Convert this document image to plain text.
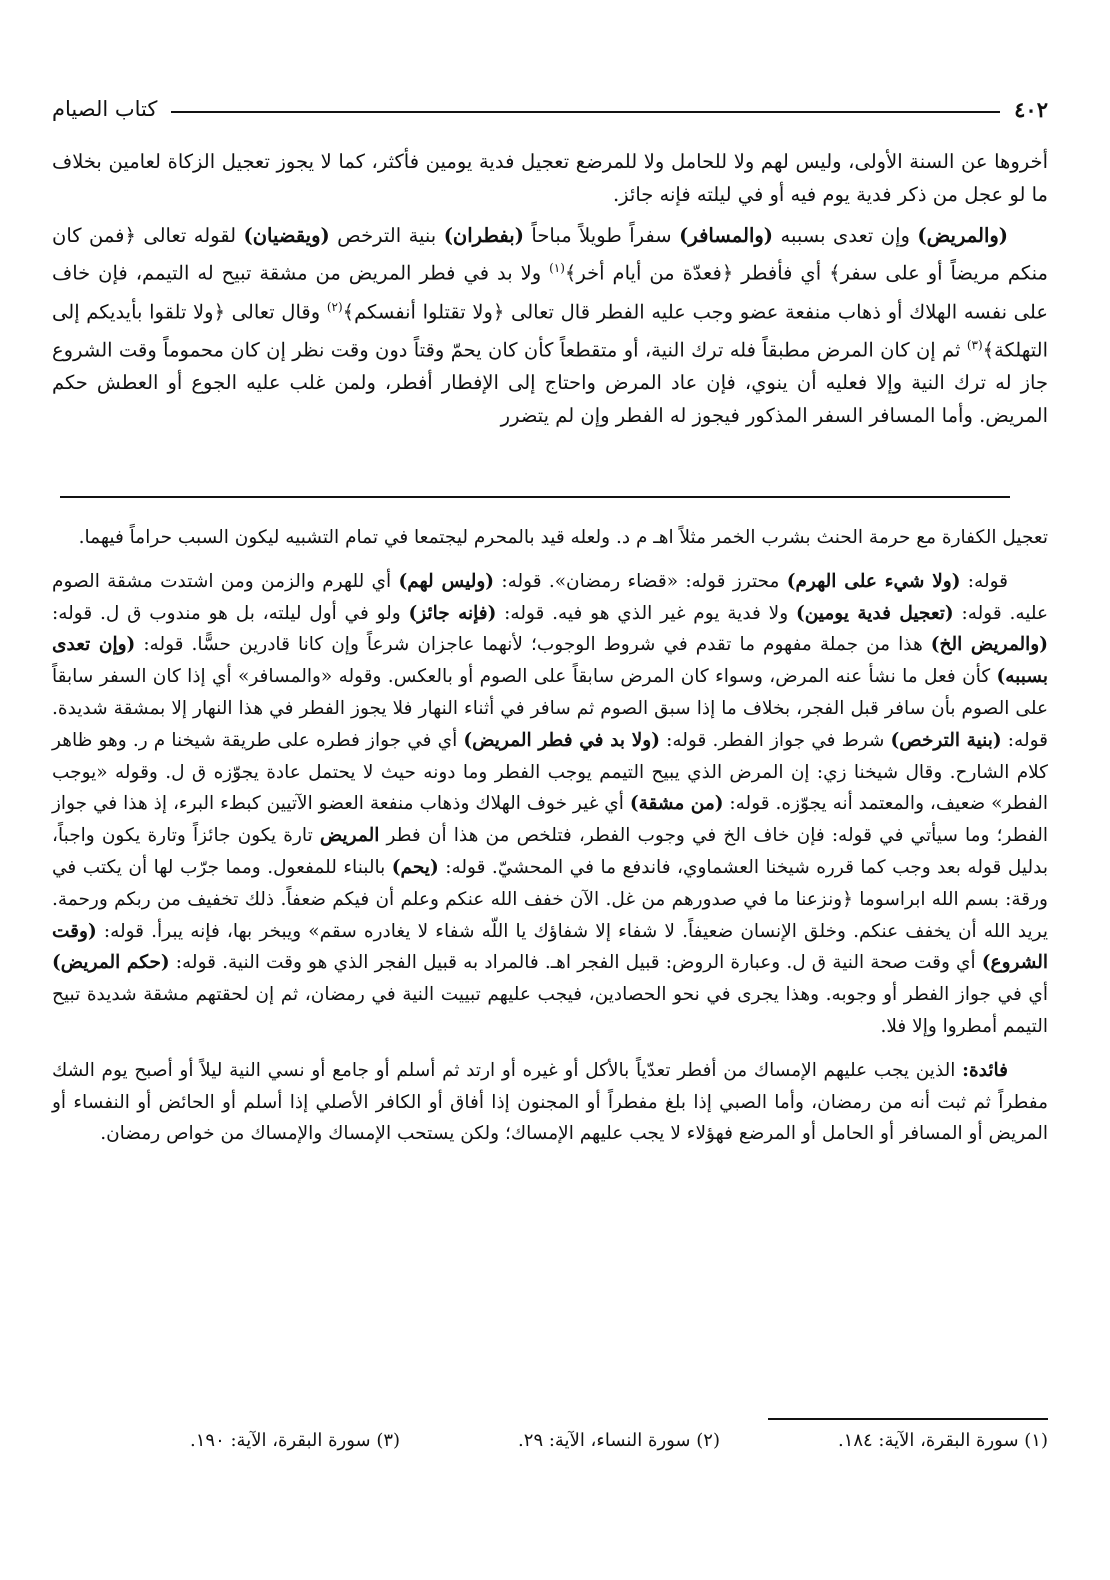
٤٠٢
كتاب الصيام

أخروها عن السنة الأولى، وليس لهم ولا للحامل ولا للمرضع تعجيل فدية يومين فأكثر، كما لا يجوز تعجيل الزكاة لعامين بخلاف ما لو عجل من ذكر فدية يوم فيه أو في ليلته فإنه جائز.

(والمريض) وإن تعدى بسببه (والمسافر) سفراً طويلاً مباحاً (بفطران) بنية الترخص (ويقضيان) لقوله تعالى ﴿فمن كان منكم مريضاً أو على سفر﴾ أي فأفطر ﴿فعدّة من أيام أخر﴾$^{(١)}$ ولا بد في فطر المريض من مشقة تبيح له التيمم، فإن خاف على نفسه الهلاك أو ذهاب منفعة عضو وجب عليه الفطر قال تعالى ﴿ولا تقتلوا أنفسكم﴾$^{(٢)}$ وقال تعالى ﴿ولا تلقوا بأيديكم إلى التهلكة﴾$^{(٣)}$ ثم إن كان المرض مطبقاً فله ترك النية، أو متقطعاً كأن كان يحمّ وقتاً دون وقت نظر إن كان محموماً وقت الشروع جاز له ترك النية وإلا فعليه أن ينوي، فإن عاد المرض واحتاج إلى الإفطار أفطر، ولمن غلب عليه الجوع أو العطش حكم المريض. وأما المسافر السفر المذكور فيجوز له الفطر وإن لم يتضرر

تعجيل الكفارة مع حرمة الحنث بشرب الخمر مثلاً اهـ م د. ولعله قيد بالمحرم ليجتمعا في تمام التشبيه ليكون السبب حراماً فيهما.

قوله: (ولا شيء على الهرم) محترز قوله: «قضاء رمضان». قوله: (وليس لهم) أي للهرم والزمن ومن اشتدت مشقة الصوم عليه. قوله: (تعجيل فدية يومين) ولا فدية يوم غير الذي هو فيه. قوله: (فإنه جائز) ولو في أول ليلته، بل هو مندوب ق ل. قوله: (والمريض الخ) هذا من جملة مفهوم ما تقدم في شروط الوجوب؛ لأنهما عاجزان شرعاً وإن كانا قادرين حسًّا. قوله: (وإن تعدى بسببه) كأن فعل ما نشأ عنه المرض، وسواء كان المرض سابقاً على الصوم أو بالعكس. وقوله «والمسافر» أي إذا كان السفر سابقاً على الصوم بأن سافر قبل الفجر، بخلاف ما إذا سبق الصوم ثم سافر في أثناء النهار فلا يجوز الفطر في هذا النهار إلا بمشقة شديدة. قوله: (بنية الترخص) شرط في جواز الفطر. قوله: (ولا بد في فطر المريض) أي في جواز فطره على طريقة شيخنا م ر. وهو ظاهر كلام الشارح. وقال شيخنا زي: إن المرض الذي يبيح التيمم يوجب الفطر وما دونه حيث لا يحتمل عادة يجوّزه ق ل. وقوله «يوجب الفطر» ضعيف، والمعتمد أنه يجوّزه. قوله: (من مشقة) أي غير خوف الهلاك وذهاب منفعة العضو الآتيين كبطء البرء، إذ هذا في جواز الفطر؛ وما سيأتي في قوله: فإن خاف الخ في وجوب الفطر، فتلخص من هذا أن فطر المريض تارة يكون جائزاً وتارة يكون واجباً، بدليل قوله بعد وجب كما قرره شيخنا العشماوي، فاندفع ما في المحشيّ. قوله: (يحم) بالبناء للمفعول. ومما جرّب لها أن يكتب في ورقة: بسم الله ابراسوما ﴿ونزعنا ما في صدورهم من غل. الآن خفف الله عنكم وعلم أن فيكم ضعفاً. ذلك تخفيف من ربكم ورحمة. يريد الله أن يخفف عنكم. وخلق الإنسان ضعيفاً. لا شفاء إلا شفاؤك يا اللّه شفاء لا يغادره سقم» ويبخر بها، فإنه يبرأ. قوله: (وقت الشروع) أي وقت صحة النية ق ل. وعبارة الروض: قبيل الفجر اهـ. فالمراد به قبيل الفجر الذي هو وقت النية. قوله: (حكم المريض) أي في جواز الفطر أو وجوبه. وهذا يجرى في نحو الحصادين، فيجب عليهم تبييت النية في رمضان، ثم إن لحقتهم مشقة شديدة تبيح التيمم أمطروا وإلا فلا.

فائدة: الذين يجب عليهم الإمساك من أفطر تعدّياً بالأكل أو غيره أو ارتد ثم أسلم أو جامع أو نسي النية ليلاً أو أصبح يوم الشك مفطراً ثم ثبت أنه من رمضان، وأما الصبي إذا بلغ مفطراً أو المجنون إذا أفاق أو الكافر الأصلي إذا أسلم أو الحائض أو النفساء أو المريض أو المسافر أو الحامل أو المرضع فهؤلاء لا يجب عليهم الإمساك؛ ولكن يستحب الإمساك والإمساك من خواص رمضان.

(١) سورة البقرة، الآية: ١٨٤.
(٢) سورة النساء، الآية: ٢٩.
(٣) سورة البقرة، الآية: ١٩٠.
